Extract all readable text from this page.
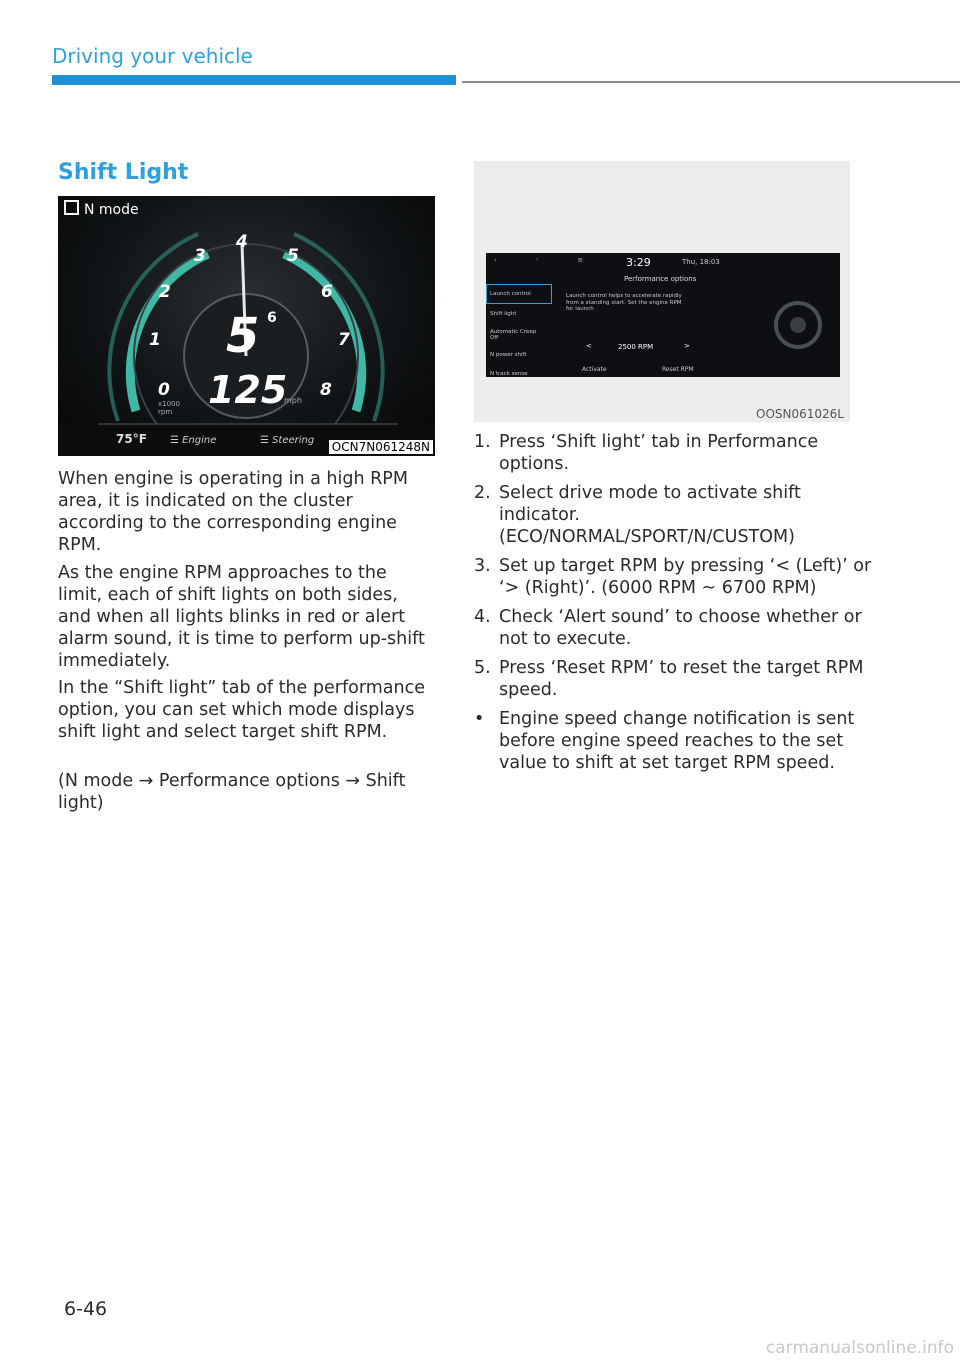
Driving your vehicle
Shift Light
N mode
0
1
2
3
4
5
6
7
8
5 6
x1000 rpm 125
mph
75°F ☰ Engine	☰ Steering OCN7N061248N
‹ ◦ ≡ 3:29	Thu, 18:03
Performance options
Launch control
Shift light
Automatic Creep Off
N power shift
N track sense
Launch control helps to accelerate rapidly from a standing start. Set the engine RPM for launch
<	2500 RPM	>
Activate	Reset RPM
OOSN061026L

When engine is operating in a high RPM area, it is indicated on the cluster according to the corresponding engine RPM.

As the engine RPM approaches to the limit, each of shift lights on both sides, and when all lights blinks in red or alert alarm sound, it is time to perform up-shift immediately.

In the “Shift light” tab of the performance option, you can set which mode displays shift light and select target shift RPM.

(N mode → Performance options → Shift light)

1. Press ‘Shift light’ tab in Performance options.
2. Select drive mode to activate shift indicator. (ECO/NORMAL/SPORT/N/CUSTOM)
3. Set up target RPM by pressing ‘< (Left)’ or ‘> (Right)’. (6000 RPM ~ 6700 RPM)
4. Check ‘Alert sound’ to choose whether or not to execute.
5. Press ‘Reset RPM’ to reset the target RPM speed.
• Engine speed change notification is sent before engine speed reaches to the set value to shift at set target RPM speed.
6-46
carmanualsonline.info
